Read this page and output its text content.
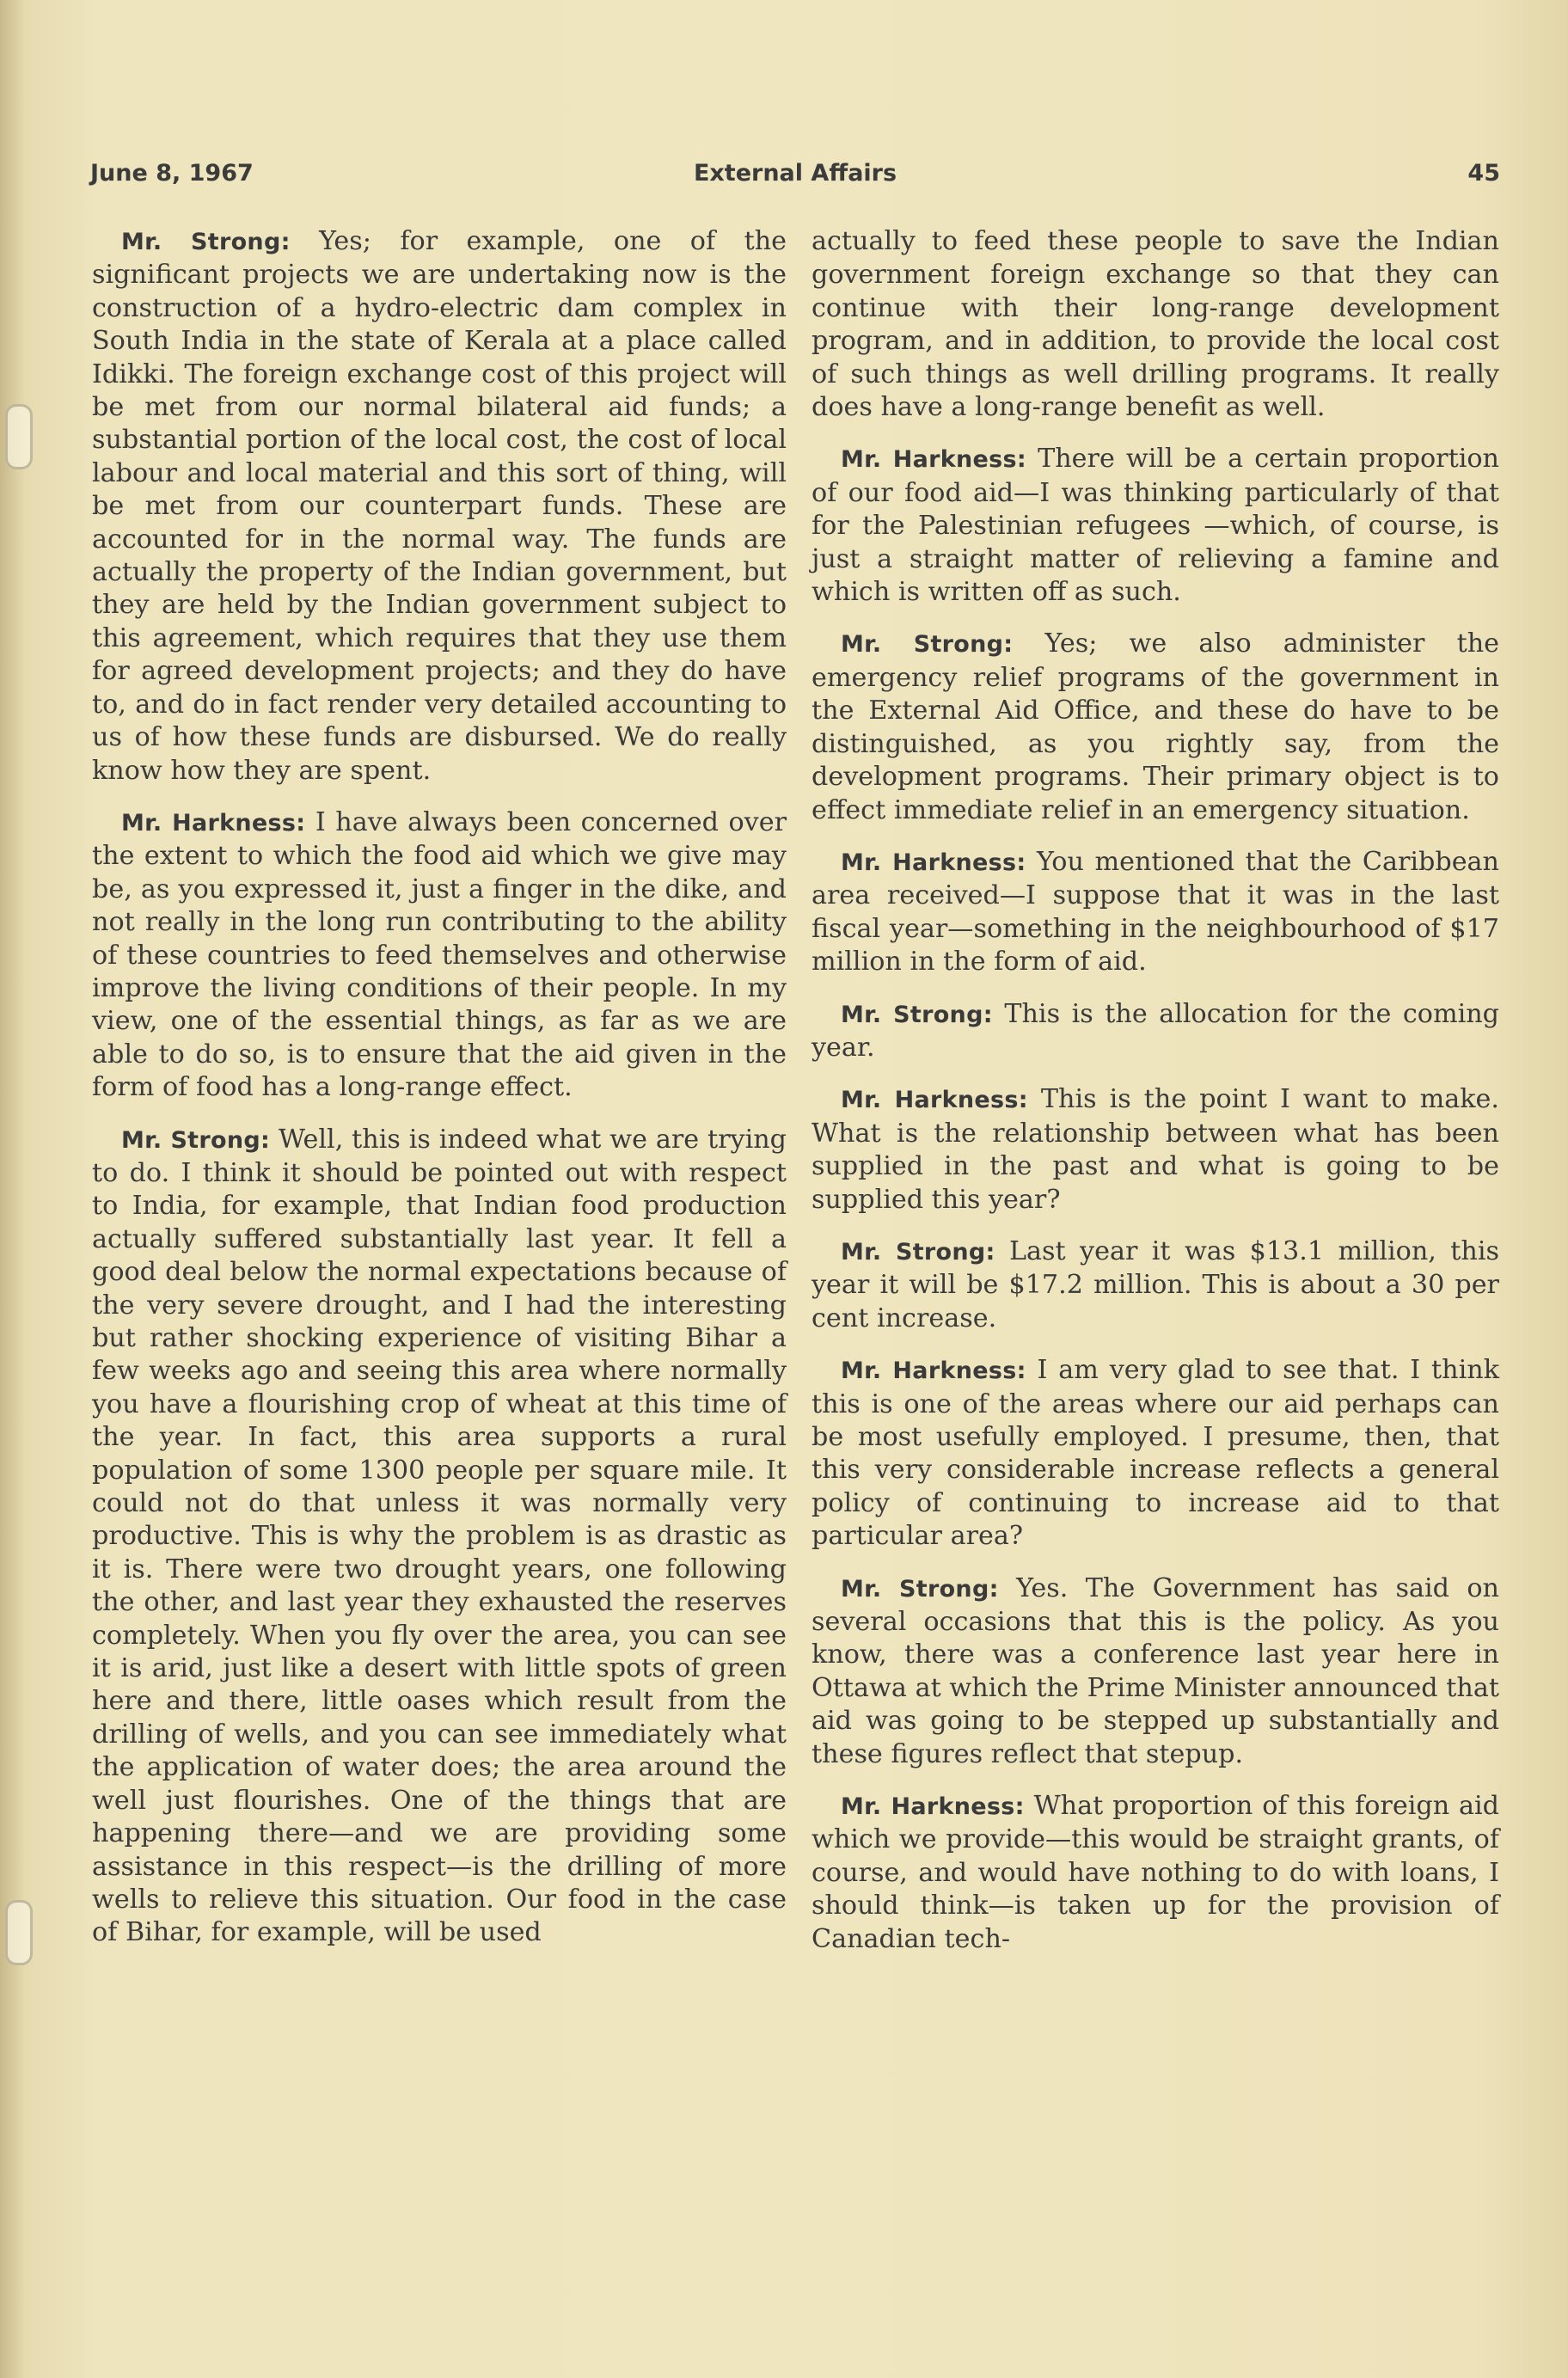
June 8, 1967	External Affairs	45

Mr. Strong: Yes; for example, one of the significant projects we are undertaking now is the construction of a hydro-electric dam complex in South India in the state of Kerala at a place called Idikki. The foreign exchange cost of this project will be met from our normal bilateral aid funds; a substantial portion of the local cost, the cost of local labour and local material and this sort of thing, will be met from our counterpart funds. These are accounted for in the normal way. The funds are actually the property of the Indian government, but they are held by the Indian government subject to this agreement, which requires that they use them for agreed development projects; and they do have to, and do in fact render very detailed accounting to us of how these funds are disbursed. We do really know how they are spent.

Mr. Harkness: I have always been concerned over the extent to which the food aid which we give may be, as you expressed it, just a finger in the dike, and not really in the long run contributing to the ability of these countries to feed themselves and otherwise improve the living conditions of their people. In my view, one of the essential things, as far as we are able to do so, is to ensure that the aid given in the form of food has a long-range effect.

Mr. Strong: Well, this is indeed what we are trying to do. I think it should be pointed out with respect to India, for example, that Indian food production actually suffered substantially last year. It fell a good deal below the normal expectations because of the very severe drought, and I had the interesting but rather shocking experience of visiting Bihar a few weeks ago and seeing this area where normally you have a flourishing crop of wheat at this time of the year. In fact, this area supports a rural population of some 1300 people per square mile. It could not do that unless it was normally very productive. This is why the problem is as drastic as it is. There were two drought years, one following the other, and last year they exhausted the reserves completely. When you fly over the area, you can see it is arid, just like a desert with little spots of green here and there, little oases which result from the drilling of wells, and you can see immediately what the application of water does; the area around the well just flourishes. One of the things that are happening there—and we are providing some assistance in this respect—is the drilling of more wells to relieve this situation. Our food in the case of Bihar, for example, will be used

actually to feed these people to save the Indian government foreign exchange so that they can continue with their long-range development program, and in addition, to provide the local cost of such things as well drilling programs. It really does have a long-range benefit as well.

Mr. Harkness: There will be a certain proportion of our food aid—I was thinking particularly of that for the Palestinian refugees —which, of course, is just a straight matter of relieving a famine and which is written off as such.

Mr. Strong: Yes; we also administer the emergency relief programs of the government in the External Aid Office, and these do have to be distinguished, as you rightly say, from the development programs. Their primary object is to effect immediate relief in an emergency situation.

Mr. Harkness: You mentioned that the Caribbean area received—I suppose that it was in the last fiscal year—something in the neighbourhood of $17 million in the form of aid.

Mr. Strong: This is the allocation for the coming year.

Mr. Harkness: This is the point I want to make. What is the relationship between what has been supplied in the past and what is going to be supplied this year?

Mr. Strong: Last year it was $13.1 million, this year it will be $17.2 million. This is about a 30 per cent increase.

Mr. Harkness: I am very glad to see that. I think this is one of the areas where our aid perhaps can be most usefully employed. I presume, then, that this very considerable increase reflects a general policy of continuing to increase aid to that particular area?

Mr. Strong: Yes. The Government has said on several occasions that this is the policy. As you know, there was a conference last year here in Ottawa at which the Prime Minister announced that aid was going to be stepped up substantially and these figures reflect that stepup.

Mr. Harkness: What proportion of this foreign aid which we provide—this would be straight grants, of course, and would have nothing to do with loans, I should think—is taken up for the provision of Canadian tech-
